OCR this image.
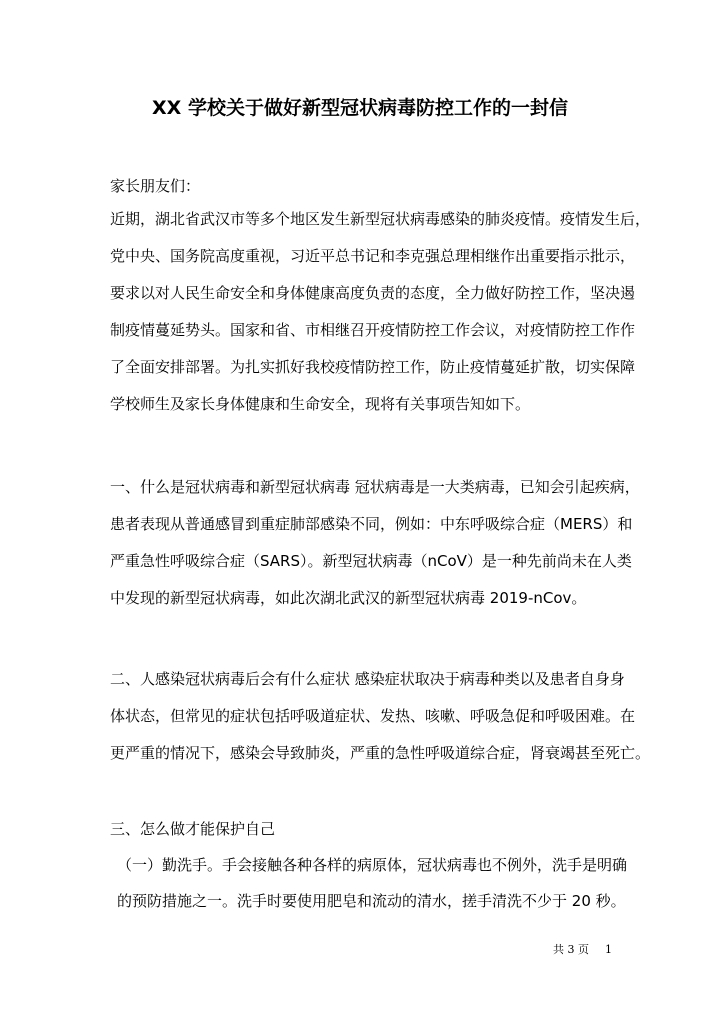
XX 学校关于做好新型冠状病毒防控工作的一封信

家长朋友们：

近期，湖北省武汉市等多个地区发生新型冠状病毒感染的肺炎疫情。疫情发生后，

党中央、国务院高度重视，习近平总书记和李克强总理相继作出重要指示批示，

要求以对人民生命安全和身体健康高度负责的态度，全力做好防控工作，坚决遏

制疫情蔓延势头。国家和省、市相继召开疫情防控工作会议，对疫情防控工作作

了全面安排部署。为扎实抓好我校疫情防控工作，防止疫情蔓延扩散，切实保障

学校师生及家长身体健康和生命安全，现将有关事项告知如下。

一、什么是冠状病毒和新型冠状病毒 冠状病毒是一大类病毒，已知会引起疾病，

患者表现从普通感冒到重症肺部感染不同，例如：中东呼吸综合症（MERS）和

严重急性呼吸综合症（SARS）。新型冠状病毒（nCoV）是一种先前尚未在人类

中发现的新型冠状病毒，如此次湖北武汉的新型冠状病毒 2019-nCov。

二、人感染冠状病毒后会有什么症状 感染症状取决于病毒种类以及患者自身身

体状态，但常见的症状包括呼吸道症状、发热、咳嗽、呼吸急促和呼吸困难。在

更严重的情况下，感染会导致肺炎，严重的急性呼吸道综合症，肾衰竭甚至死亡。

三、怎么做才能保护自己

（一）勤洗手。手会接触各种各样的病原体，冠状病毒也不例外，洗手是明确

的预防措施之一。洗手时要使用肥皂和流动的清水，搓手清洗不少于 20 秒。

共 3 页 1
